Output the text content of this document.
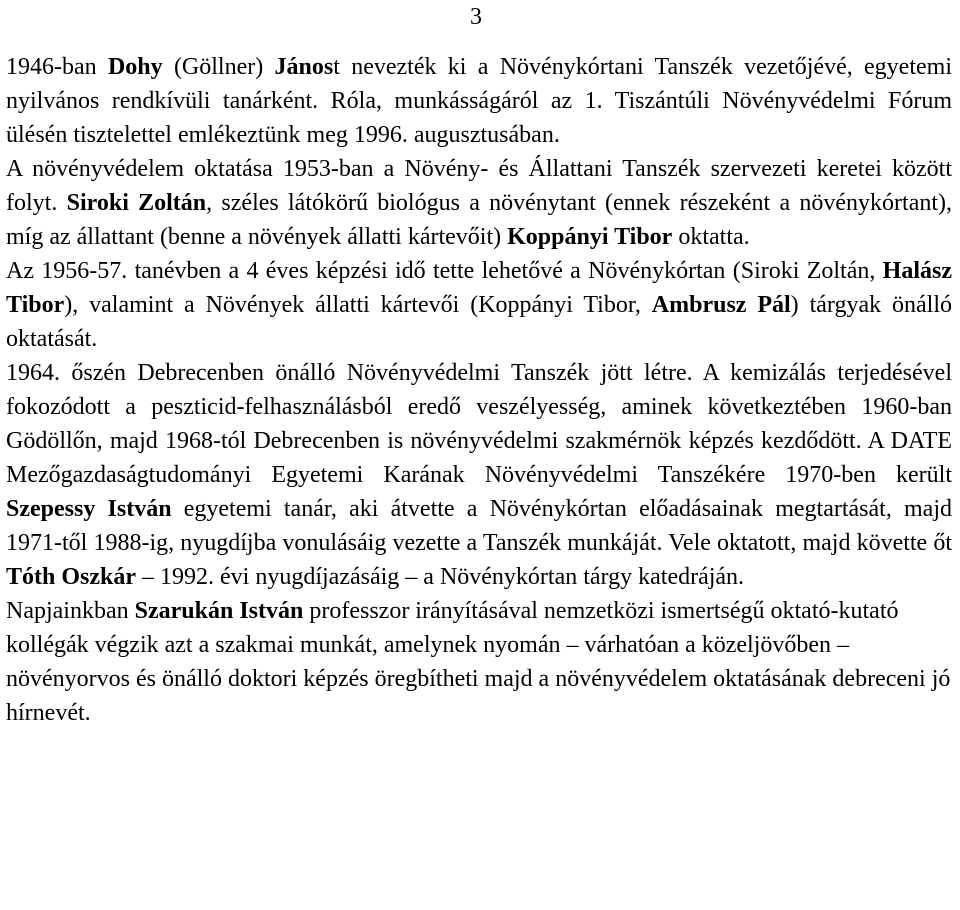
3

1946-ban Dohy (Göllner) Jánost nevezték ki a Növénykórtani Tanszék vezetőjévé, egyetemi nyilvános rendkívüli tanárként. Róla, munkásságáról az 1. Tiszántúli Növényvédelmi Fórum ülésén tisztelettel emlékeztünk meg 1996. augusztusában.

A növényvédelem oktatása 1953-ban a Növény- és Állattani Tanszék szervezeti keretei között folyt. Siroki Zoltán, széles látókörű biológus a növénytant (ennek részeként a növénykórtant), míg az állattant (benne a növények állatti kártevőit) Koppányi Tibor oktatta.

Az 1956-57. tanévben a 4 éves képzési idő tette lehetővé a Növénykórtan (Siroki Zoltán, Halász Tibor), valamint a Növények állatti kártevői (Koppányi Tibor, Ambrusz Pál) tárgyak önálló oktatását.

1964. őszén Debrecenben önálló Növényvédelmi Tanszék jött létre. A kemizálás terjedésével fokozódott a peszticid-felhasználásból eredő veszélyesség, aminek következtében 1960-ban Gödöllőn, majd 1968-tól Debrecenben is növényvédelmi szakmérnök képzés kezdődött. A DATE Mezőgazdaságtudományi Egyetemi Karának Növényvédelmi Tanszékére 1970-ben került Szepessy István egyetemi tanár, aki átvette a Növénykórtan előadásainak megtartását, majd 1971-től 1988-ig, nyugdíjba vonulásáig vezette a Tanszék munkáját. Vele oktatott, majd követte őt Tóth Oszkár – 1992. évi nyugdíjazásáig – a Növénykórtan tárgy katedráján.

Napjainkban Szarukán István professzor irányításával nemzetközi ismertségű oktató-kutató kollégák végzik azt a szakmai munkát, amelynek nyomán – várhatóan a közeljövőben – növényorvos és önálló doktori képzés öregbítheti majd a növényvédelem oktatásának debreceni jó hírnevét.
